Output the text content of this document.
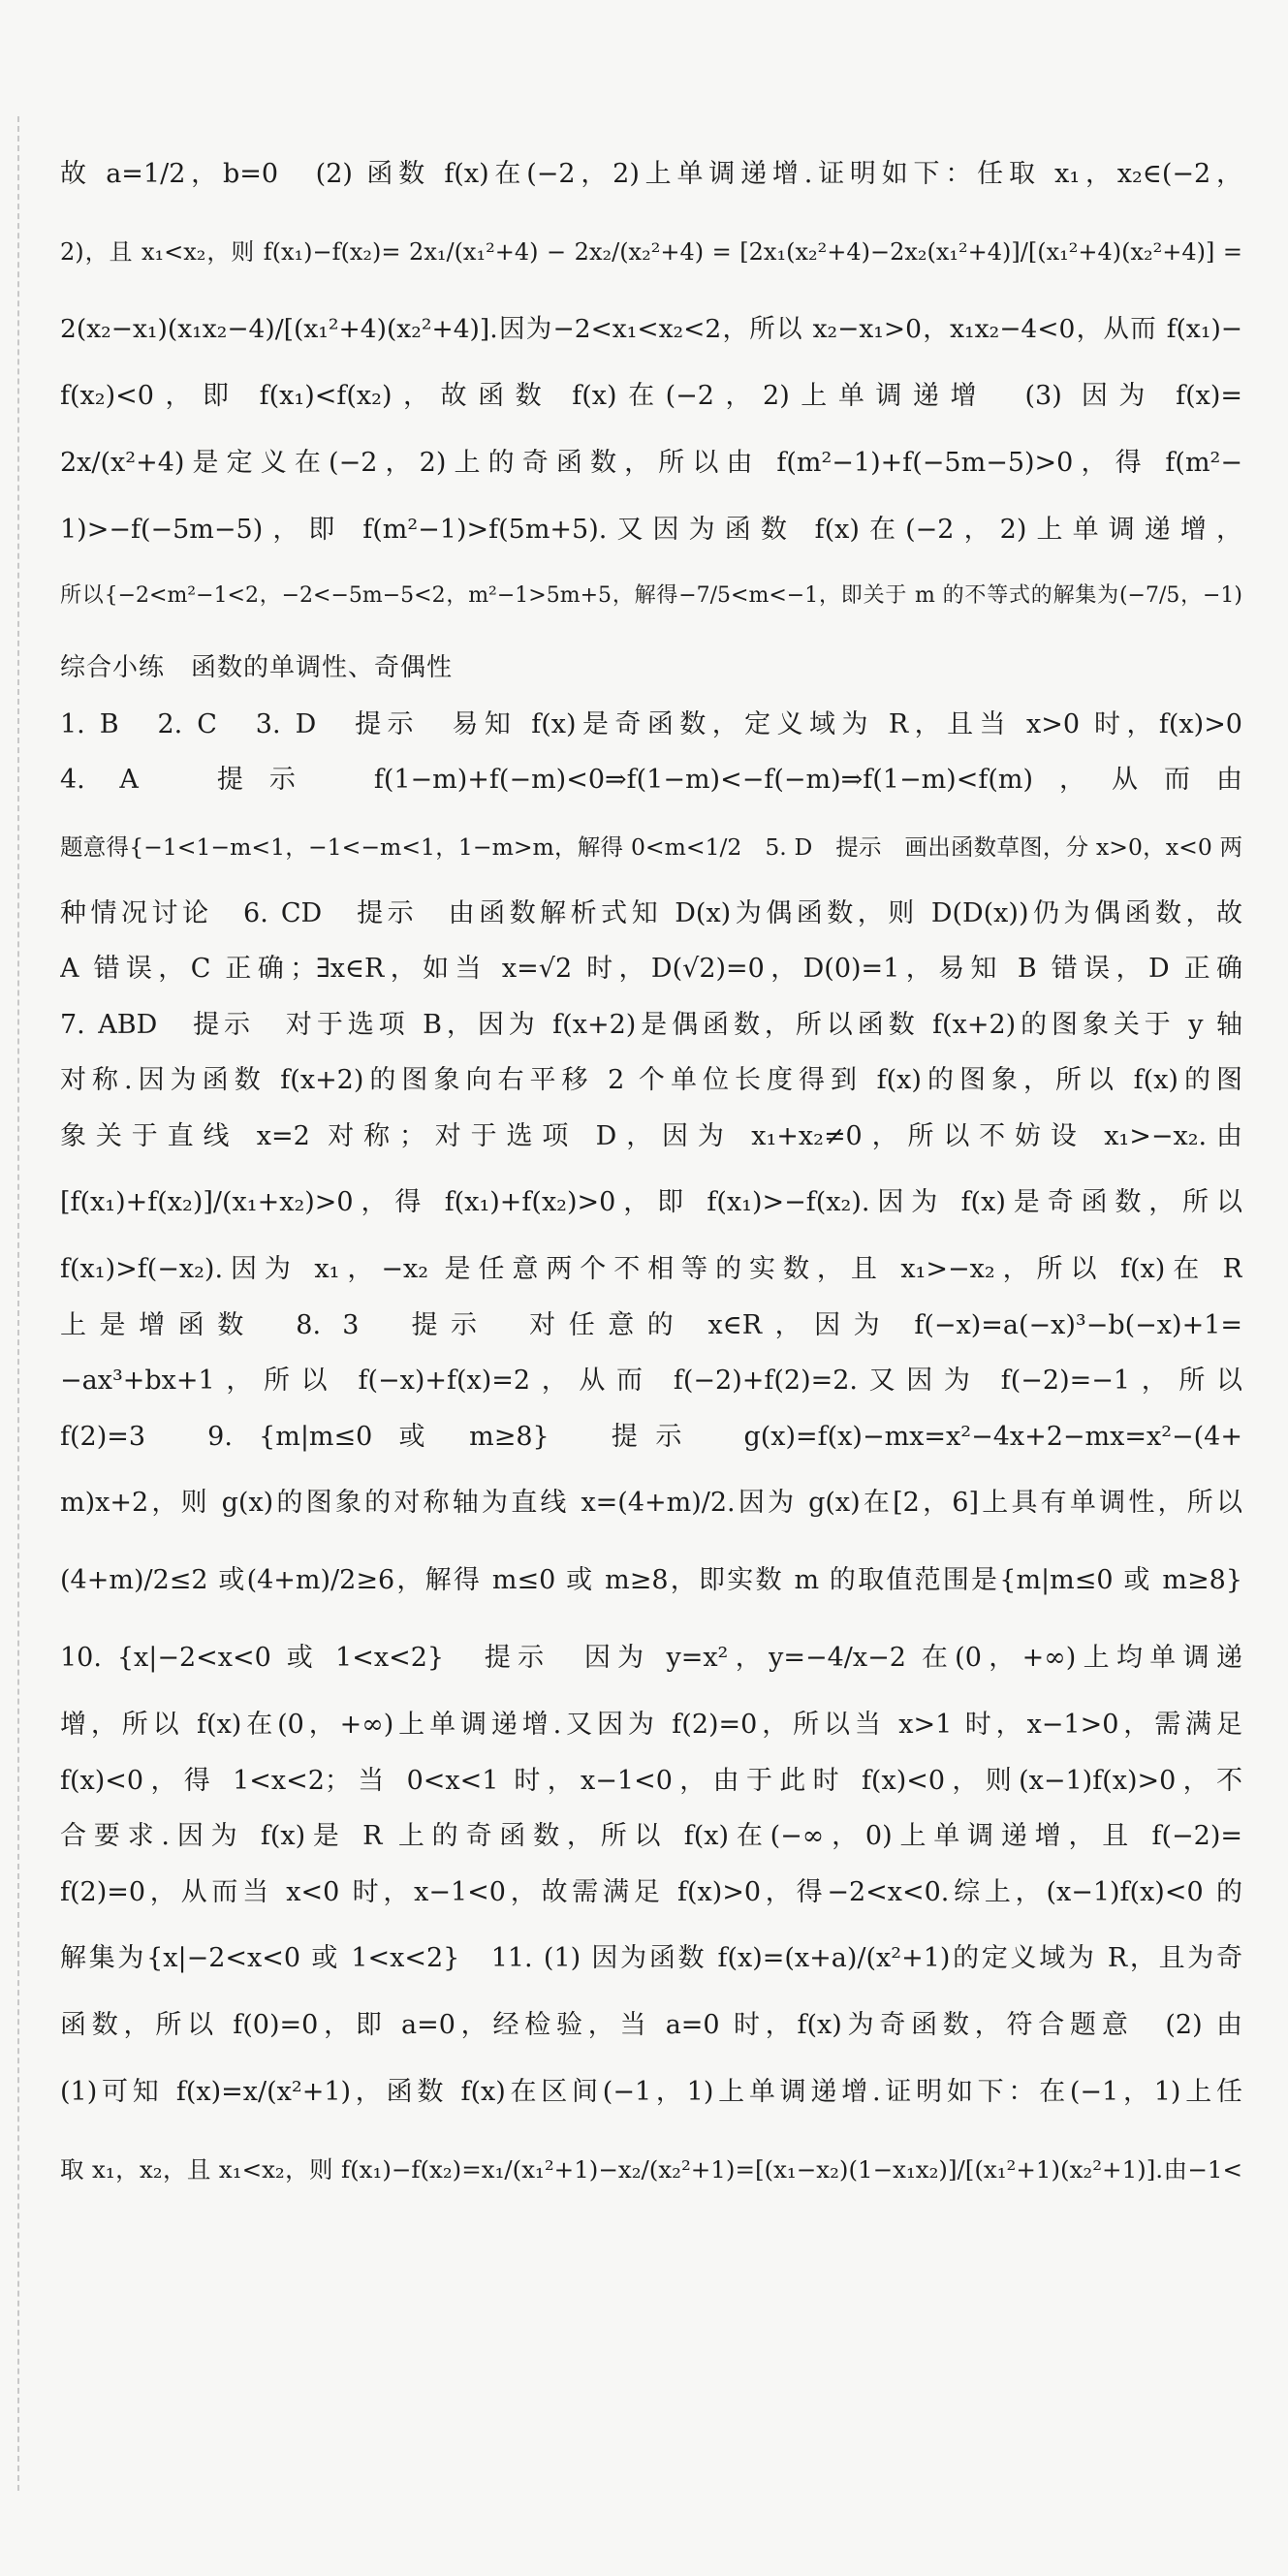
故 a=1/2，b=0　(2) 函数 f(x)在(−2，2)上单调递增.证明如下：任取 x₁，x₂∈(−2，
2)，且 x₁<x₂，则 f(x₁)−f(x₂)= 2x₁/(x₁²+4) − 2x₂/(x₂²+4) = [2x₁(x₂²+4)−2x₂(x₁²+4)]/[(x₁²+4)(x₂²+4)] =
2(x₂−x₁)(x₁x₂−4)/[(x₁²+4)(x₂²+4)].因为−2<x₁<x₂<2，所以 x₂−x₁>0，x₁x₂−4<0，从而 f(x₁)−
f(x₂)<0，即 f(x₁)<f(x₂)，故函数 f(x)在(−2，2)上单调递增　(3) 因为 f(x)=
2x/(x²+4)是定义在(−2，2)上的奇函数，所以由 f(m²−1)+f(−5m−5)>0，得 f(m²−
1)>−f(−5m−5)，即 f(m²−1)>f(5m+5).又因为函数 f(x)在(−2，2)上单调递增，
所以{−2<m²−1<2，−2<−5m−5<2，m²−1>5m+5，解得−7/5<m<−1，即关于 m 的不等式的解集为(−7/5，−1)
综合小练　函数的单调性、奇偶性
1. B　2. C　3. D　提示　易知 f(x)是奇函数，定义域为 R，且当 x>0 时，f(x)>0
4. A　提示　f(1−m)+f(−m)<0⇒f(1−m)<−f(−m)⇒f(1−m)<f(m)，从而由
题意得{−1<1−m<1，−1<−m<1，1−m>m，解得 0<m<1/2　5. D　提示　画出函数草图，分 x>0，x<0 两
种情况讨论　6. CD　提示　由函数解析式知 D(x)为偶函数，则 D(D(x))仍为偶函数，故
A 错误，C 正确；∃x∈R，如当 x=√2 时，D(√2)=0，D(0)=1，易知 B 错误，D 正确
7. ABD　提示　对于选项 B，因为 f(x+2)是偶函数，所以函数 f(x+2)的图象关于 y 轴
对称.因为函数 f(x+2)的图象向右平移 2 个单位长度得到 f(x)的图象，所以 f(x)的图
象关于直线 x=2 对称；对于选项 D，因为 x₁+x₂≠0，所以不妨设 x₁>−x₂.由
[f(x₁)+f(x₂)]/(x₁+x₂)>0，得 f(x₁)+f(x₂)>0，即 f(x₁)>−f(x₂).因为 f(x)是奇函数，所以
f(x₁)>f(−x₂).因为 x₁，−x₂ 是任意两个不相等的实数，且 x₁>−x₂，所以 f(x)在 R
上是增函数　8. 3　提示　对任意的 x∈R，因为 f(−x)=a(−x)³−b(−x)+1=
−ax³+bx+1，所以 f(−x)+f(x)=2，从而 f(−2)+f(2)=2.又因为 f(−2)=−1，所以
f(2)=3　9. {m|m≤0 或 m≥8}　提示　g(x)=f(x)−mx=x²−4x+2−mx=x²−(4+
m)x+2，则 g(x)的图象的对称轴为直线 x=(4+m)/2.因为 g(x)在[2，6]上具有单调性，所以
(4+m)/2≤2 或(4+m)/2≥6，解得 m≤0 或 m≥8，即实数 m 的取值范围是{m|m≤0 或 m≥8}
10. {x|−2<x<0 或 1<x<2}　提示　因为 y=x²，y=−4/x−2 在(0，+∞)上均单调递
增，所以 f(x)在(0，+∞)上单调递增.又因为 f(2)=0，所以当 x>1 时，x−1>0，需满足
f(x)<0，得 1<x<2；当 0<x<1 时，x−1<0，由于此时 f(x)<0，则(x−1)f(x)>0，不
合要求.因为 f(x)是 R 上的奇函数，所以 f(x)在(−∞，0)上单调递增，且 f(−2)=
f(2)=0，从而当 x<0 时，x−1<0，故需满足 f(x)>0，得−2<x<0.综上，(x−1)f(x)<0 的
解集为{x|−2<x<0 或 1<x<2}　11. (1) 因为函数 f(x)=(x+a)/(x²+1)的定义域为 R，且为奇
函数，所以 f(0)=0，即 a=0，经检验，当 a=0 时，f(x)为奇函数，符合题意　(2) 由
(1)可知 f(x)=x/(x²+1)，函数 f(x)在区间(−1，1)上单调递增.证明如下：在(−1，1)上任
取 x₁，x₂，且 x₁<x₂，则 f(x₁)−f(x₂)=x₁/(x₁²+1)−x₂/(x₂²+1)=[(x₁−x₂)(1−x₁x₂)]/[(x₁²+1)(x₂²+1)].由−1<
